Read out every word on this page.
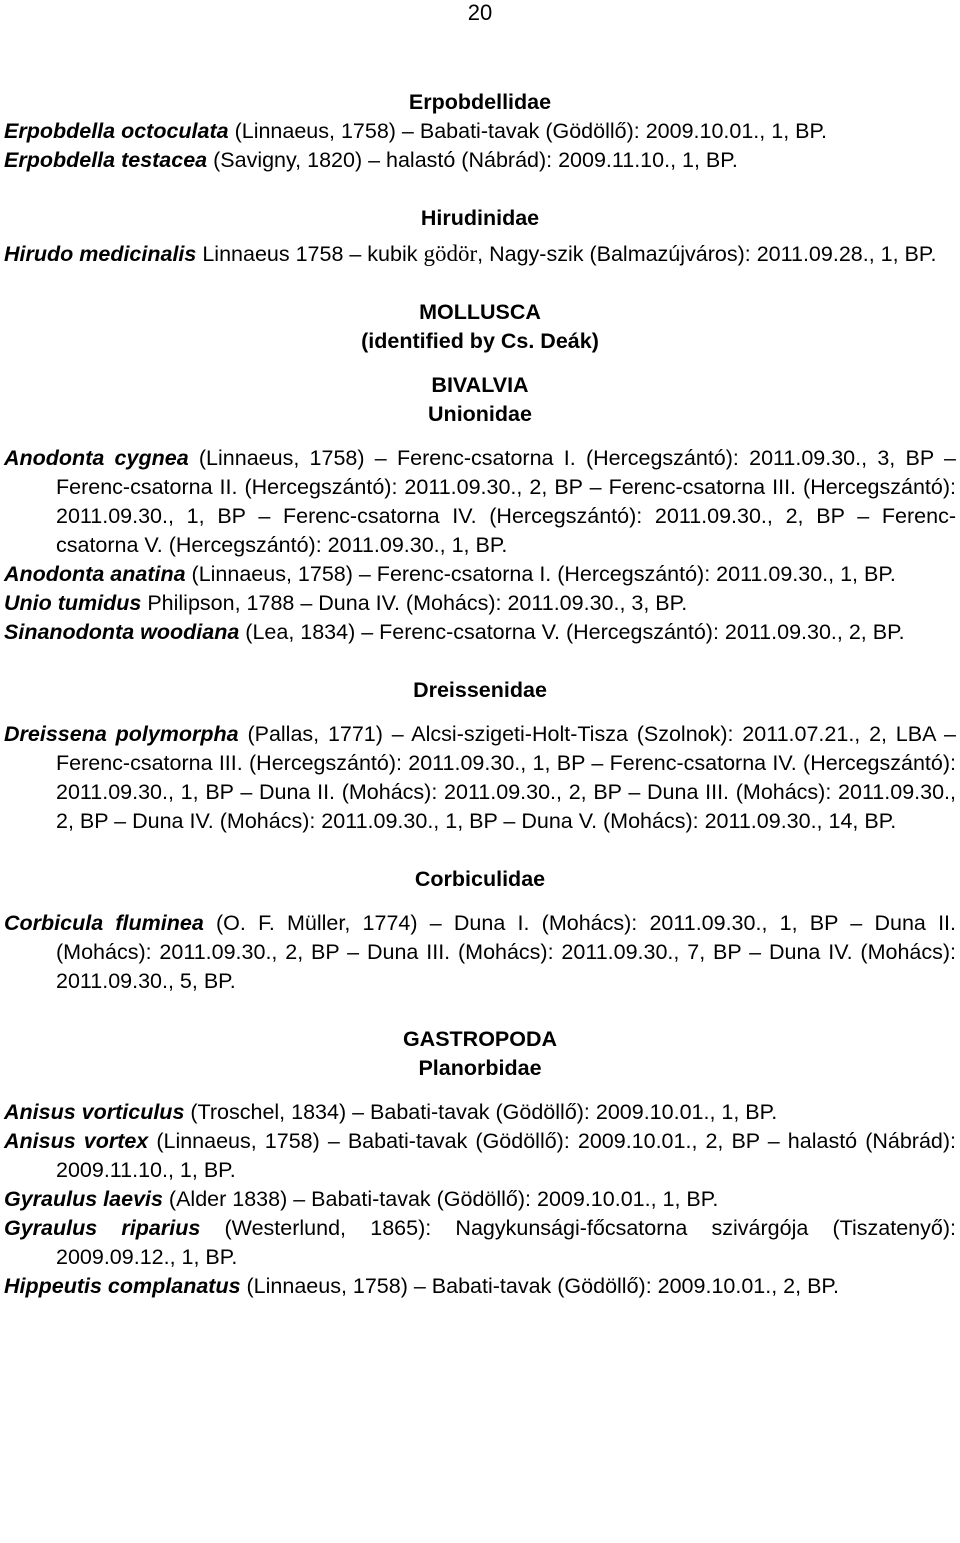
20
Erpobdellidae
Erpobdella octoculata (Linnaeus, 1758) – Babati-tavak (Gödöllő): 2009.10.01., 1, BP.
Erpobdella testacea (Savigny, 1820) – halastó (Nábrád): 2009.11.10., 1, BP.
Hirudinidae
Hirudo medicinalis Linnaeus 1758 – kubik gödör, Nagy-szik (Balmazújváros): 2011.09.28., 1, BP.
MOLLUSCA
(identified by Cs. Deák)
BIVALVIA
Unionidae
Anodonta cygnea (Linnaeus, 1758) – Ferenc-csatorna I. (Hercegszántó): 2011.09.30., 3, BP – Ferenc-csatorna II. (Hercegszántó): 2011.09.30., 2, BP – Ferenc-csatorna III. (Hercegszántó): 2011.09.30., 1, BP – Ferenc-csatorna IV. (Hercegszántó): 2011.09.30., 2, BP – Ferenc-csatorna V. (Hercegszántó): 2011.09.30., 1, BP.
Anodonta anatina (Linnaeus, 1758) – Ferenc-csatorna I. (Hercegszántó): 2011.09.30., 1, BP.
Unio tumidus Philipson, 1788 – Duna IV. (Mohács): 2011.09.30., 3, BP.
Sinanodonta woodiana (Lea, 1834) – Ferenc-csatorna V. (Hercegszántó): 2011.09.30., 2, BP.
Dreissenidae
Dreissena polymorpha (Pallas, 1771) – Alcsi-szigeti-Holt-Tisza (Szolnok): 2011.07.21., 2, LBA – Ferenc-csatorna III. (Hercegszántó): 2011.09.30., 1, BP – Ferenc-csatorna IV. (Hercegszántó): 2011.09.30., 1, BP – Duna II. (Mohács): 2011.09.30., 2, BP – Duna III. (Mohács): 2011.09.30., 2, BP – Duna IV. (Mohács): 2011.09.30., 1, BP – Duna V. (Mohács): 2011.09.30., 14, BP.
Corbiculidae
Corbicula fluminea (O. F. Müller, 1774) – Duna I. (Mohács): 2011.09.30., 1, BP – Duna II. (Mohács): 2011.09.30., 2, BP – Duna III. (Mohács): 2011.09.30., 7, BP – Duna IV. (Mohács): 2011.09.30., 5, BP.
GASTROPODA
Planorbidae
Anisus vorticulus (Troschel, 1834) – Babati-tavak (Gödöllő): 2009.10.01., 1, BP.
Anisus vortex (Linnaeus, 1758) – Babati-tavak (Gödöllő): 2009.10.01., 2, BP – halastó (Nábrád): 2009.11.10., 1, BP.
Gyraulus laevis (Alder 1838) – Babati-tavak (Gödöllő): 2009.10.01., 1, BP.
Gyraulus riparius (Westerlund, 1865): Nagykunsági-főcsatorna szivárgója (Tiszatenyő): 2009.09.12., 1, BP.
Hippeutis complanatus (Linnaeus, 1758) – Babati-tavak (Gödöllő): 2009.10.01., 2, BP.
